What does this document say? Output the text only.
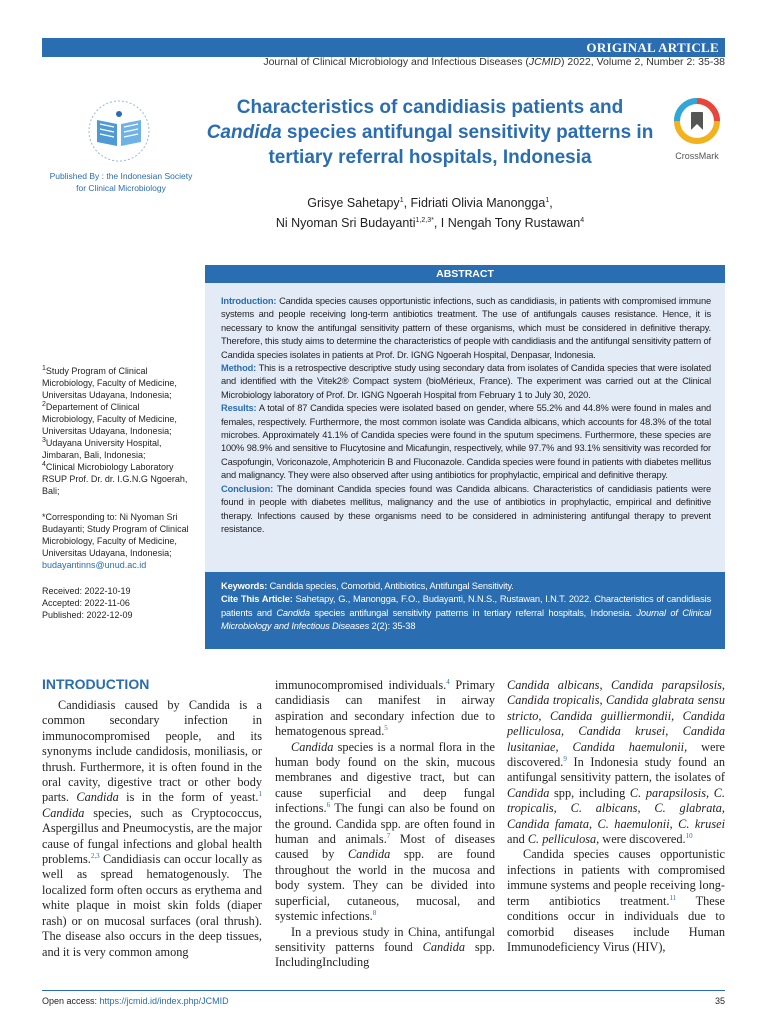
ORIGINAL ARTICLE
Journal of Clinical Microbiology and Infectious Diseases (JCMID) 2022, Volume 2, Number 2: 35-38
Published By : the Indonesian Society
for Clinical Microbiology
Characteristics of candidiasis patients and
Candida species antifungal sensitivity patterns in
tertiary referral hospitals, Indonesia	CrossMark
Grisye Sahetapy$^1$, Fidriati Olivia Manongga$^1$,
Ni Nyoman Sri Budayanti$^{1,2,3*}$, I Nengah Tony Rustawan$^4$

$^1$Study Program of Clinical Microbiology, Faculty of Medicine, Universitas Udayana, Indonesia;

$^2$Departement of Clinical Microbiology, Faculty of Medicine, Universitas Udayana, Indonesia;

$^3$Udayana University Hospital, Jimbaran, Bali, Indonesia;

$^4$Clinical Microbiology Laboratory RSUP Prof. Dr. dr. I.G.N.G Ngoerah, Bali;

*Corresponding to: Ni Nyoman Sri Budayanti; Study Program of Clinical Microbiology, Faculty of Medicine, Universitas Udayana, Indonesia;

budayantinns@unud.ac.id

Received: 2022-10-19

Accepted: 2022-11-06

Published: 2022-12-09

ABSTRACT

Introduction: Candida species causes opportunistic infections, such as candidiasis, in patients with compromised immune systems and people receiving long-term antibiotics treatment. The use of antifungals causes resistance. Hence, it is necessary to know the antifungal sensitivity pattern of these organisms, which must be considered in definitive therapy. Therefore, this study aims to determine the characteristics of people with candidiasis and the antifungal sensitivity pattern of Candida species isolates in patients at Prof. Dr. IGNG Ngoerah Hospital, Denpasar, Indonesia.

Method: This is a retrospective descriptive study using secondary data from isolates of Candida species that were isolated and identified with the Vitek2® Compact system (bioMérieux, France). The experiment was carried out at the Clinical Microbiology laboratory of Prof. Dr. IGNG Ngoerah Hospital from February 1 to July 30, 2020.

Results: A total of 87 Candida species were isolated based on gender, where 55.2% and 44.8% were found in males and females, respectively. Furthermore, the most common isolate was Candida albicans, which accounts for 48.3% of the total microbes. Approximately 41.1% of Candida species were found in the sputum specimens. Furthermore, these species are 100% 98.9% and sensitive to Flucytosine and Micafungin, respectively, while 97.7% and 93.1% sensitivity was recorded for Caspofungin, Voriconazole, Amphotericin B and Fluconazole. Candida species were found in patients with diabetes mellitus and malignancy. They were also observed after using antibiotics for prophylactic, empirical and definitive therapy.

Conclusion: The dominant Candida species found was Candida albicans. Characteristics of candidiasis patients were found in people with diabetes mellitus, malignancy and the use of antibiotics in prophylactic, empirical and definitive therapy. Infections caused by these organisms need to be considered in administering antifungal therapy to prevent resistance.

Keywords: Candida species, Comorbid, Antibiotics, Antifungal Sensitivity.

Cite This Article: Sahetapy, G., Manongga, F.O., Budayanti, N.N.S., Rustawan, I.N.T. 2022. Characteristics of candidiasis patients and Candida species antifungal sensitivity patterns in tertiary referral hospitals, Indonesia. Journal of Clinical Microbiology and Infectious Diseases 2(2): 35-38

INTRODUCTION

Candidiasis caused by Candida is a common secondary infection in immunocompromised people, and its synonyms include candidosis, moniliasis, or thrush. Furthermore, it is often found in the oral cavity, digestive tract or other body parts. Candida is in the form of yeast.$^1$ Candida species, such as Cryptococcus, Aspergillus and Pneumocystis, are the major cause of fungal infections and global health problems.$^{2,3}$ Candidiasis can occur locally as well as spread hematogenously. The localized form often occurs as erythema and white plaque in moist skin folds (diaper rash) or on mucosal surfaces (oral thrush). The disease also occurs in the deep tissues, and it is very common among

immunocompromised individuals.$^4$ Primary candidiasis can manifest in airway aspiration and secondary infection due to hematogenous spread.$^5$

Candida species is a normal flora in the human body found on the skin, mucous membranes and digestive tract, but can cause superficial and deep fungal infections.$^6$ The fungi can also be found on the ground. Candida spp. are often found in human and animals.$^7$ Most of diseases caused by Candida spp. are found throughout the world in the mucosa and body system. They can be divided into superficial, cutaneous, mucosal, and systemic infections.$^8$

In a previous study in China, antifungal sensitivity patterns found Candida spp. IncludingIncluding

Candida albicans, Candida parapsilosis, Candida tropicalis, Candida glabrata sensu stricto, Candida guilliermondii, Candida pelliculosa, Candida krusei, Candida lusitaniae, Candida haemulonii, were discovered.$^9$ In Indonesia study found an antifungal sensitivity pattern, the isolates of Candida spp, including C. parapsilosis, C. tropicalis, C. albicans, C. glabrata, Candida famata, C. haemulonii, C. krusei and C. pelliculosa, were discovered.$^{10}$

Candida species causes opportunistic infections in patients with compromised immune systems and people receiving long-term antibiotics treatment.$^{11}$ These conditions occur in individuals due to comorbid diseases include Human Immunodeficiency Virus (HIV),

Open access: https://jcmid.id/index.php/JCMID	35
